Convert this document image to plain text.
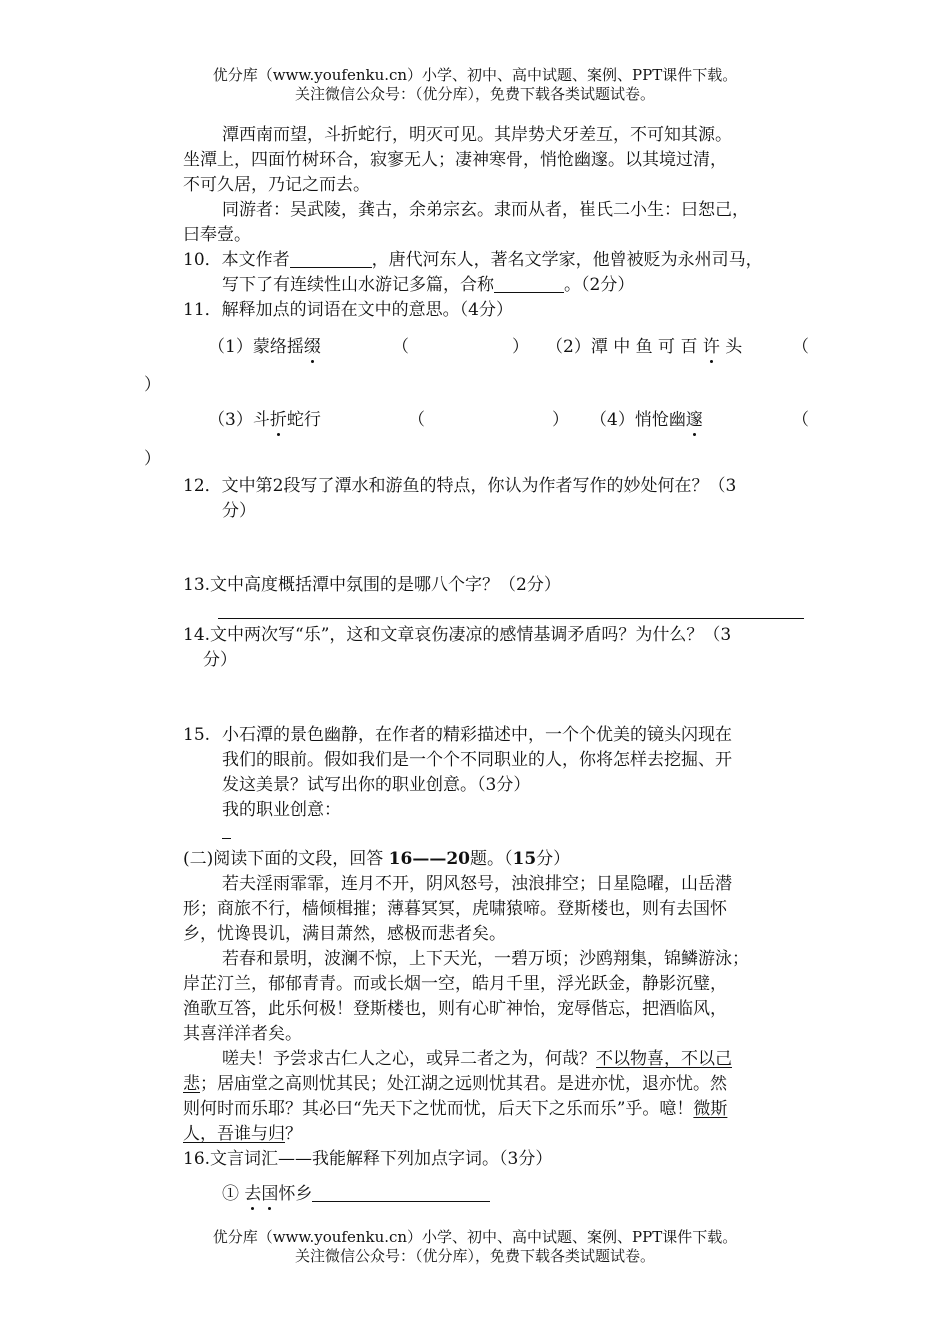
优分库（www.youfenku.cn）小学、初中、高中试题、案例、PPT课件下载。
关注微信公众号：（优分库），免费下载各类试题试卷。
潭西南而望，斗折蛇行，明灭可见。其岸势犬牙差互，不可知其源。
坐潭上，四面竹树环合，寂寥无人；凄神寒骨，悄怆幽邃。以其境过清，
不可久居，乃记之而去。
同游者：吴武陵，龚古，余弟宗玄。隶而从者，崔氏二小生：曰恕己，
曰奉壹。
10．本文作者	，唐代河东人，著名文学家，他曾被贬为永州司马，
写下了有连续性山水游记多篇，合称	。（2分）
11．解释加点的词语在文中的意思。（4分）
（1）蒙络摇缀	（	） （2）潭 中 鱼 可 百 许 头	（
）
（3）斗折蛇行	（	） （4）悄怆幽邃	（
）
12．文中第2段写了潭水和游鱼的特点，你认为作者写作的妙处何在？（3
分）
13.文中高度概括潭中氛围的是哪八个字？（2分）
14.文中两次写“乐”，这和文章哀伤凄凉的感情基调矛盾吗？为什么？（3
分）
15. 小石潭的景色幽静，在作者的精彩描述中，一个个优美的镜头闪现在
我们的眼前。假如我们是一个个不同职业的人，你将怎样去挖掘、开
发这美景？试写出你的职业创意。（3分）
我的职业创意：
(二)阅读下面的文段，回答 16——20题。（15分）
若夫淫雨霏霏，连月不开，阴风怒号，浊浪排空；日星隐曜，山岳潜
形；商旅不行，樯倾楫摧；薄暮冥冥，虎啸猿啼。登斯楼也，则有去国怀
乡，忧谗畏讥，满目萧然，感极而悲者矣。
若春和景明，波澜不惊，上下天光，一碧万顷；沙鸥翔集，锦鳞游泳；
岸芷汀兰，郁郁青青。而或长烟一空，皓月千里，浮光跃金，静影沉璧，
渔歌互答，此乐何极！登斯楼也，则有心旷神怡，宠辱偕忘，把酒临风，
其喜洋洋者矣。
嗟夫！予尝求古仁人之心，或异二者之为，何哉？不以物喜，不以己
悲；居庙堂之高则忧其民；处江湖之远则忧其君。是进亦忧，退亦忧。然
则何时而乐耶？其必曰“先天下之忧而忧，后天下之乐而乐”乎。噫！微斯
人，吾谁与归？
16.文言词汇——我能解释下列加点字词。（3分）
① 去国怀乡
优分库（www.youfenku.cn）小学、初中、高中试题、案例、PPT课件下载。
关注微信公众号：（优分库），免费下载各类试题试卷。
